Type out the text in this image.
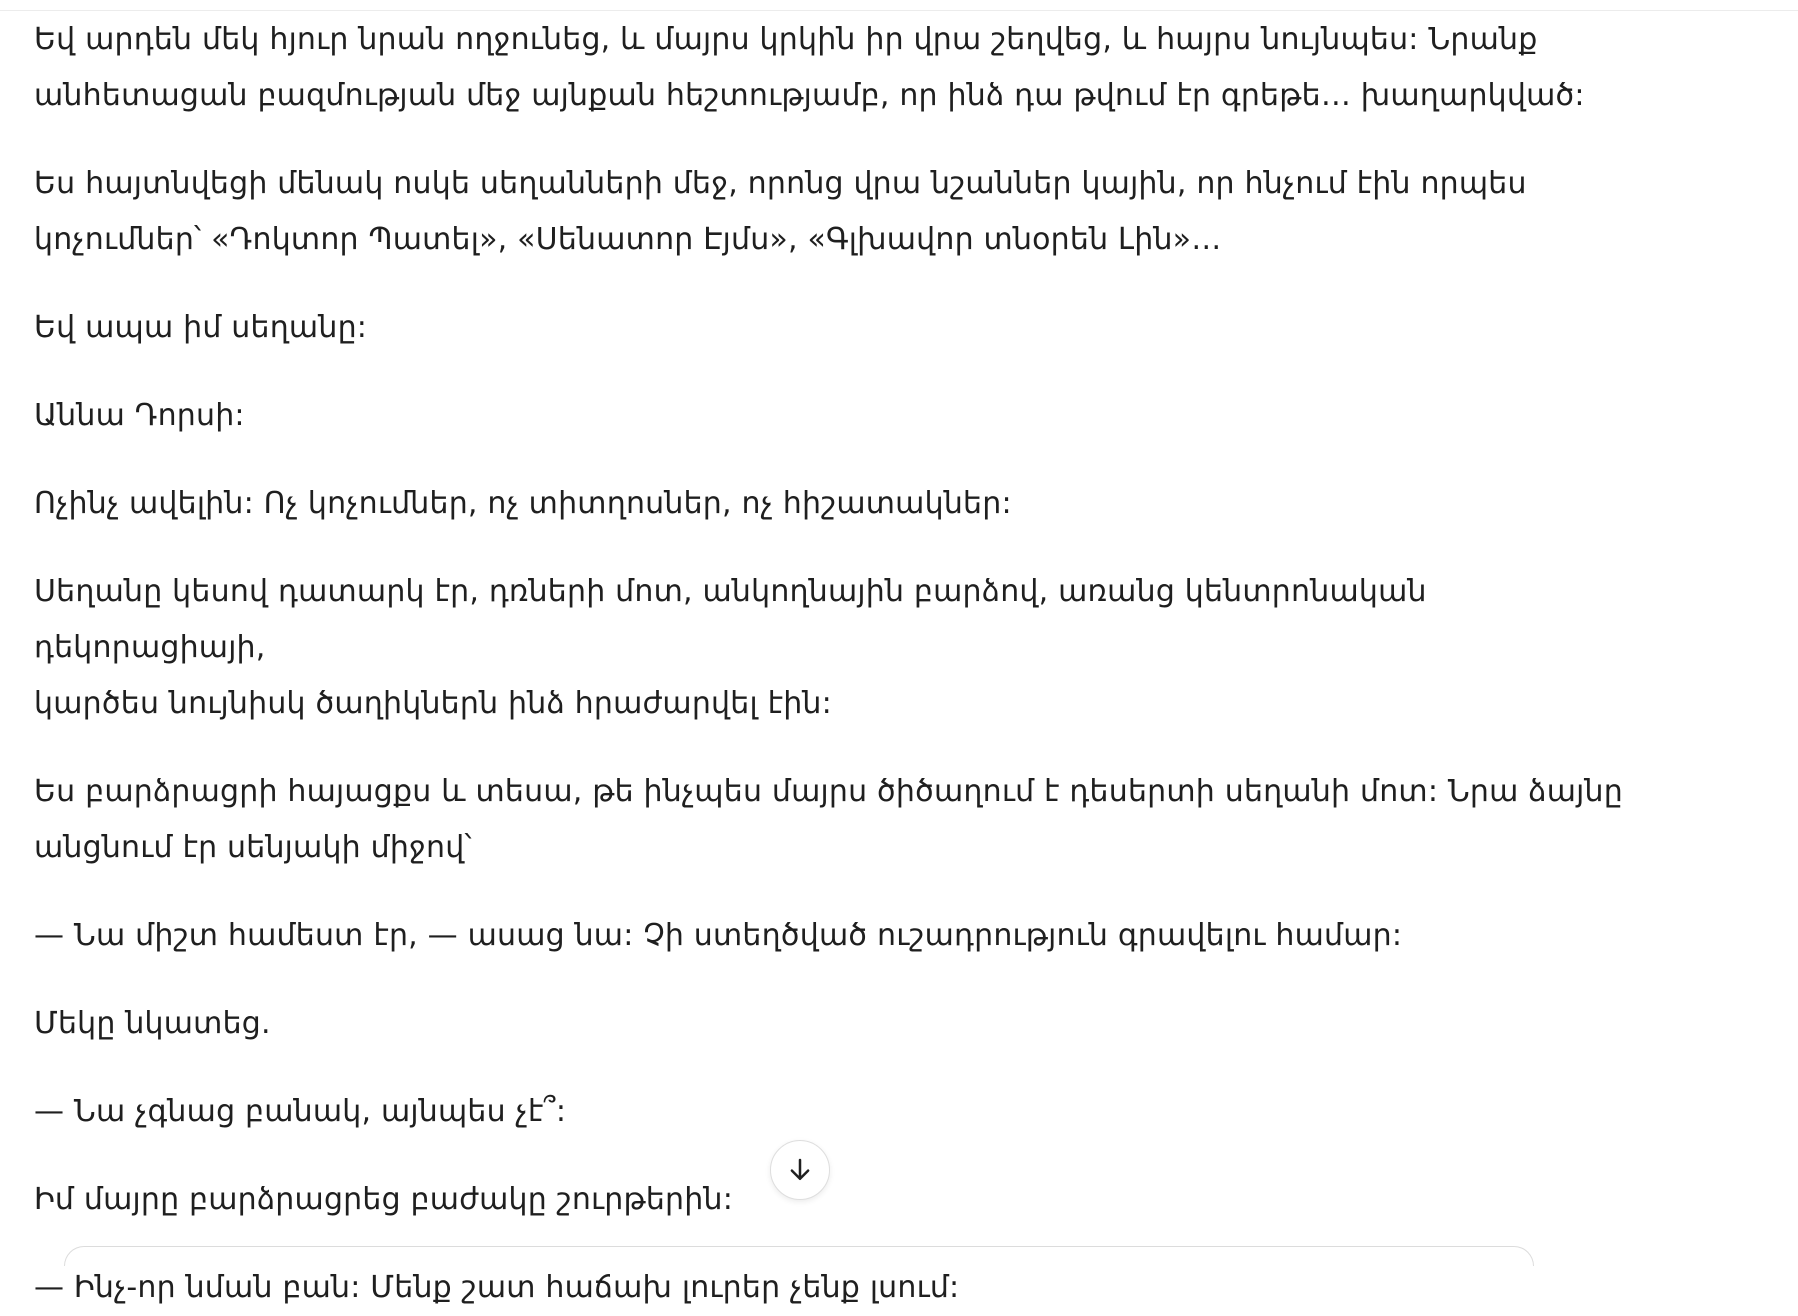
Եվ արդեն մեկ հյուր նրան ողջունեց, և մայրս կրկին իր վրա շեղվեց, և հայրս նույնպես: Նրանք
անհետացան բազմության մեջ այնքան հեշտությամբ, որ ինձ դա թվում էր գրեթե… խաղարկված:

Ես հայտնվեցի մենակ ոսկե սեղանների մեջ, որոնց վրա նշաններ կային, որ հնչում էին որպես
կոչումներ՝ «Դոկտոր Պատել», «Սենատոր Էյմս», «Գլխավոր տնօրեն Լին»…

Եվ ապա իմ սեղանը:

Աննա Դորսի:

Ոչինչ ավելին: Ոչ կոչումներ, ոչ տիտղոսներ, ոչ հիշատակներ:

Սեղանը կեսով դատարկ էր, դռների մոտ, անկողնային բարձով, առանց կենտրոնական դեկորացիայի,
կարծես նույնիսկ ծաղիկներն ինձ հրաժարվել էին:

Ես բարձրացրի հայացքս և տեսա, թե ինչպես մայրս ծիծաղում է դեսերտի սեղանի մոտ: Նրա ձայնը
անցնում էր սենյակի միջով՝

— Նա միշտ համեստ էր, — ասաց նա: Չի ստեղծված ուշադրություն գրավելու համար:

Մեկը նկատեց.

— Նա չգնաց բանակ, այնպես չէ՞:

Իմ մայրը բարձրացրեց բաժակը շուրթերին:

— Ինչ-որ նման բան: Մենք շատ հաճախ լուրեր չենք լսում:
